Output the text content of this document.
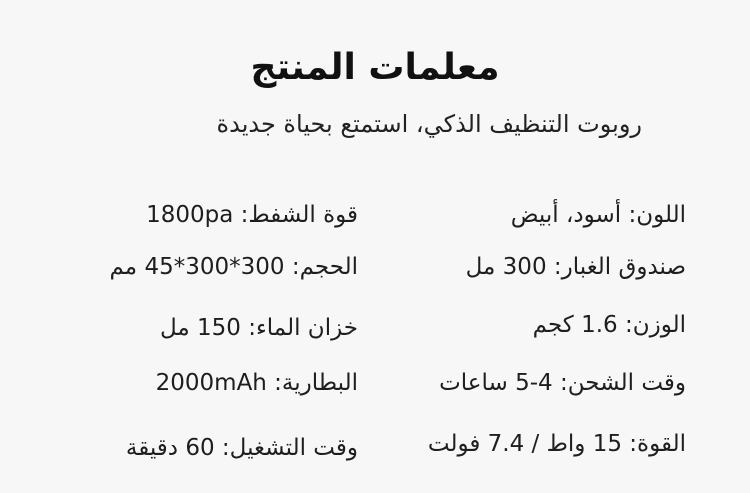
معلمات المنتج
روبوت التنظيف الذكي، استمتع بحياة جديدة
اللون: أسود، أبيض
صندوق الغبار: 300 مل
الوزن: 1.6 كجم
وقت الشحن: 4-5 ساعات
القوة: 15 واط / 7.4 فولت
قوة الشفط: 1800pa
الحجم: 300*300*45 مم
خزان الماء: 150 مل
البطارية: 2000mAh
وقت التشغيل: 60 دقيقة
